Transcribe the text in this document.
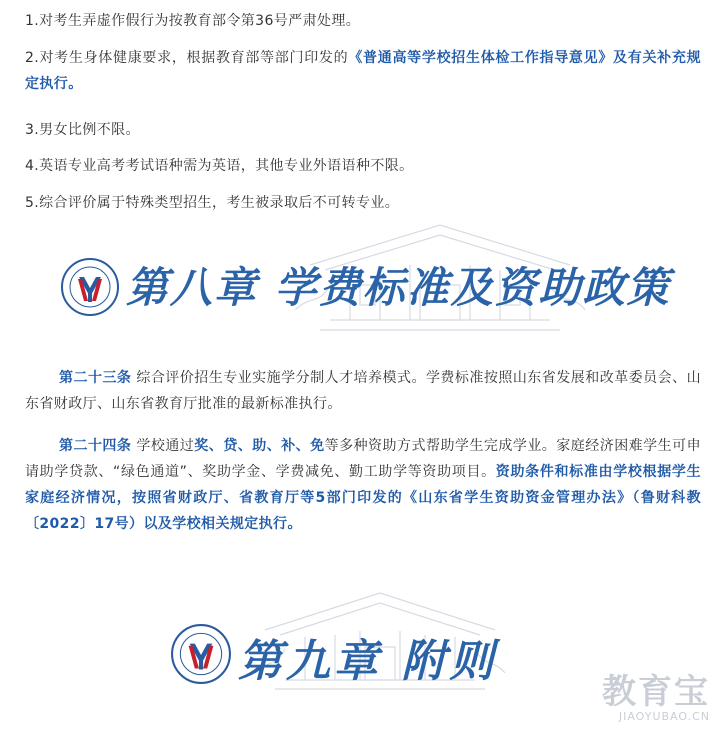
1.对考生弄虚作假行为按教育部令第36号严肃处理。

2.对考生身体健康要求，根据教育部等部门印发的《普通高等学校招生体检工作指导意见》及有关补充规定执行。

3.男女比例不限。

4.英语专业高考考试语种需为英语，其他专业外语语种不限。

5.综合评价属于特殊类型招生，考生被录取后不可转专业。

第八章 学费标准及资助政策

第二十三条 综合评价招生专业实施学分制人才培养模式。学费标准按照山东省发展和改革委员会、山东省财政厅、山东省教育厅批准的最新标准执行。

第二十四条 学校通过奖、贷、助、补、免等多种资助方式帮助学生完成学业。家庭经济困难学生可申请助学贷款、“绿色通道”、奖助学金、学费减免、勤工助学等资助项目。资助条件和标准由学校根据学生家庭经济情况，按照省财政厅、省教育厅等5部门印发的《山东省学生资助资金管理办法》（鲁财科教〔2022〕17号）以及学校相关规定执行。

第九章 附则
教育宝
JIAOYUBAO.CN
